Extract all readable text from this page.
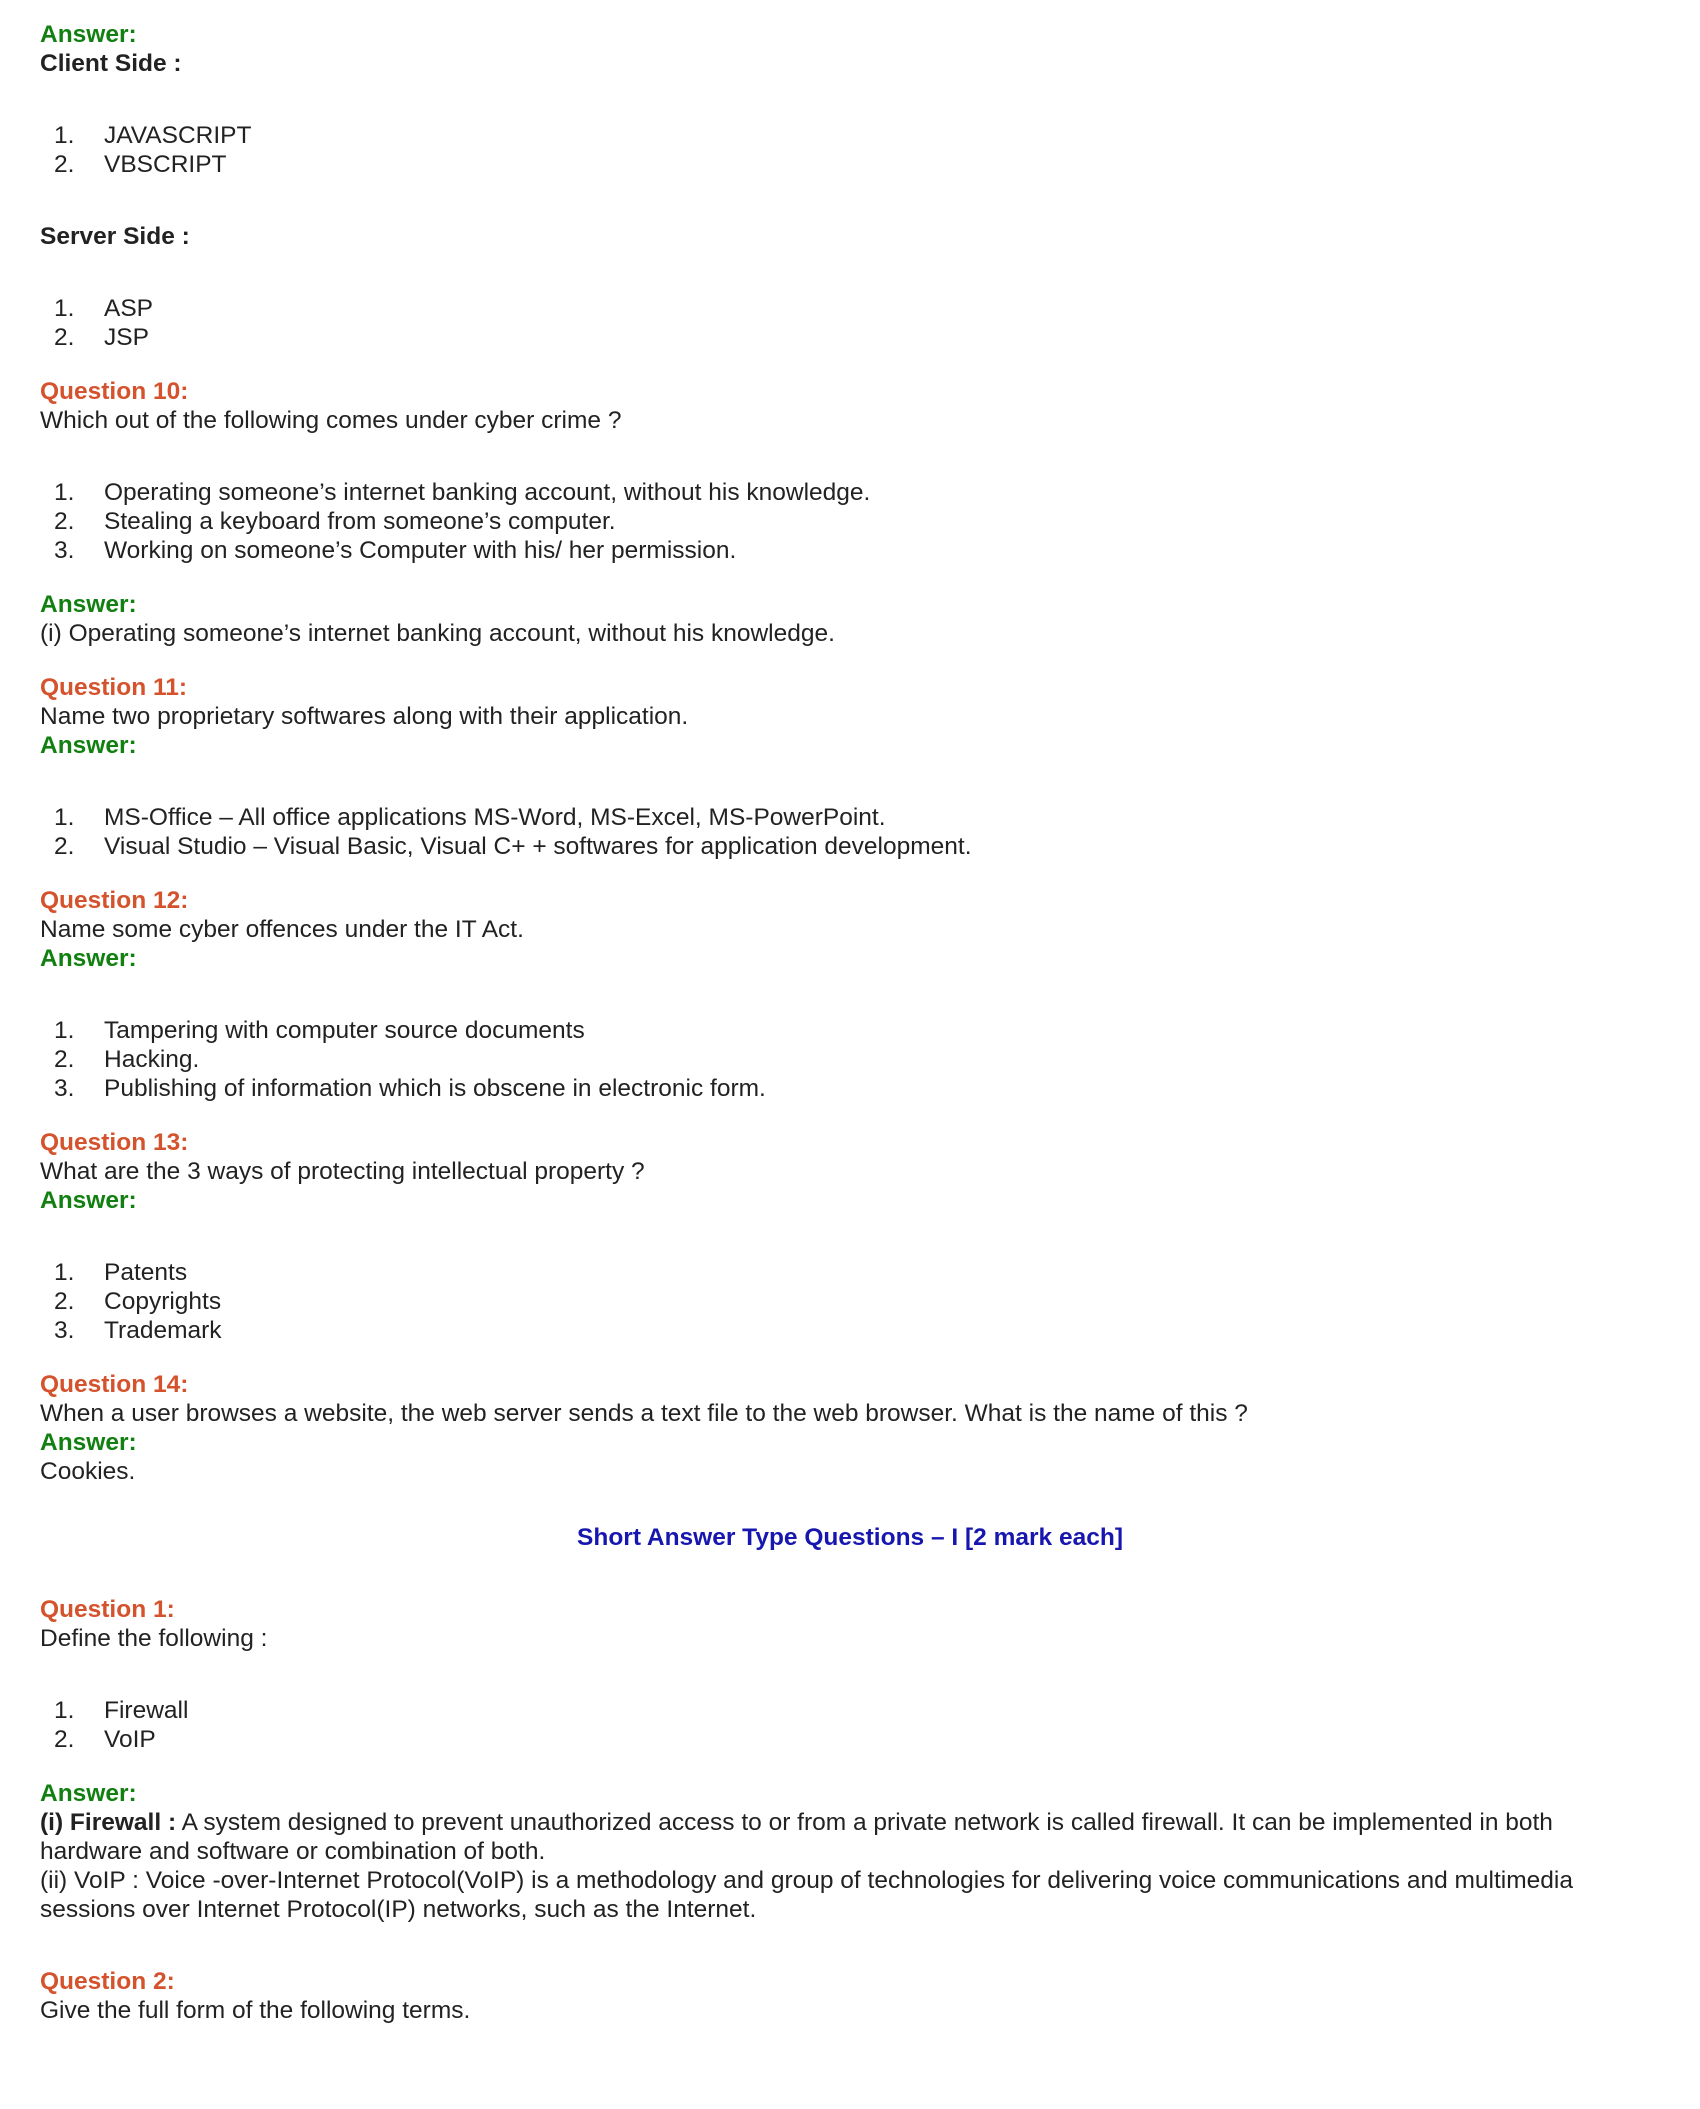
Answer:
Client Side :
1.	JAVASCRIPT
2.	VBSCRIPT
Server Side :
1.	ASP
2.	JSP
Question 10:
Which out of the following comes under cyber crime ?
1.	Operating someone’s internet banking account, without his knowledge.
2.	Stealing a keyboard from someone’s computer.
3.	Working on someone’s Computer with his/ her permission.
Answer:
(i) Operating someone’s internet banking account, without his knowledge.
Question 11:
Name two proprietary softwares along with their application.
Answer:
1.	MS-Office – All office applications MS-Word, MS-Excel, MS-PowerPoint.
2.	Visual Studio – Visual Basic, Visual C+ + softwares for application development.
Question 12:
Name some cyber offences under the IT Act.
Answer:
1.	Tampering with computer source documents
2.	Hacking.
3.	Publishing of information which is obscene in electronic form.
Question 13:
What are the 3 ways of protecting intellectual property ?
Answer:
1.	Patents
2.	Copyrights
3.	Trademark
Question 14:
When a user browses a website, the web server sends a text file to the web browser. What is the name of this ?
Answer:
Cookies.
Short Answer Type Questions – I [2 mark each]
Question 1:
Define the following :
1.	Firewall
2.	VoIP
Answer:
(i) Firewall : A system designed to prevent unauthorized access to or from a private network is called firewall. It can be implemented in both hardware and software or combination of both.
(ii) VoIP : Voice -over-Internet Protocol(VoIP) is a methodology and group of technologies for delivering voice communications and multimedia sessions over Internet Protocol(IP) networks, such as the Internet.
Question 2:
Give the full form of the following terms.
